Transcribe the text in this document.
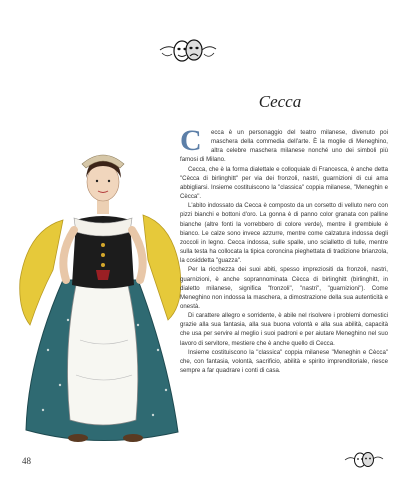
Cecca
C	ecca è un personaggio del teatro milanese, divenuto poi maschera della commedia dell'arte. È la moglie di Meneghino, altra celebre maschera milanese nonché uno dei simboli più famosi di Milano.

Cecca, che è la forma dialettale e colloquiale di Francesca, è anche detta "Cècca di birlinghitt" per via dei fronzoli, nastri, guarnizioni di cui ama abbigliarsi. Insieme costituiscono la "classica" coppia milanese, "Meneghin e Cècca".

L'abito indossato da Cecca è composto da un corsetto di velluto nero con pizzi bianchi e bottoni d'oro. La gonna è di panno color granata con palline bianche (altre fonti la vorrebbero di colore verde), mentre il grembiule è bianco. Le calze sono invece azzurre, mentre come calzatura indossa degli zoccoli in legno. Cecca indossa, sulle spalle, uno scialletto di tulle, mentre sulla testa ha collocata la tipica coroncina pieghettata di tradizione brianzola, la cosiddetta "guazza".

Per la ricchezza dei suoi abiti, spesso impreziositi da fronzoli, nastri, guarnizioni, è anche soprannominata Cècca di birlinghitt (birlinghitt, in dialetto milanese, significa "fronzoli", "nastri", "guarnizioni"). Come Meneghino non indossa la maschera, a dimostrazione della sua autenticità e onestà.

Di carattere allegro e sorridente, è abile nel risolvere i problemi domestici grazie alla sua fantasia, alla sua buona volontà e alla sua abilità, capacità che usa per servire al meglio i suoi padroni e per aiutare Meneghino nel suo lavoro di servitore, mestiere che è anche quello di Cecca.

Insieme costituiscono la "classica" coppia milanese "Meneghin e Cècca" che, con fantasia, volontà, sacrificio, abilità e spirito imprenditoriale, riesce sempre a far quadrare i conti di casa.

48
